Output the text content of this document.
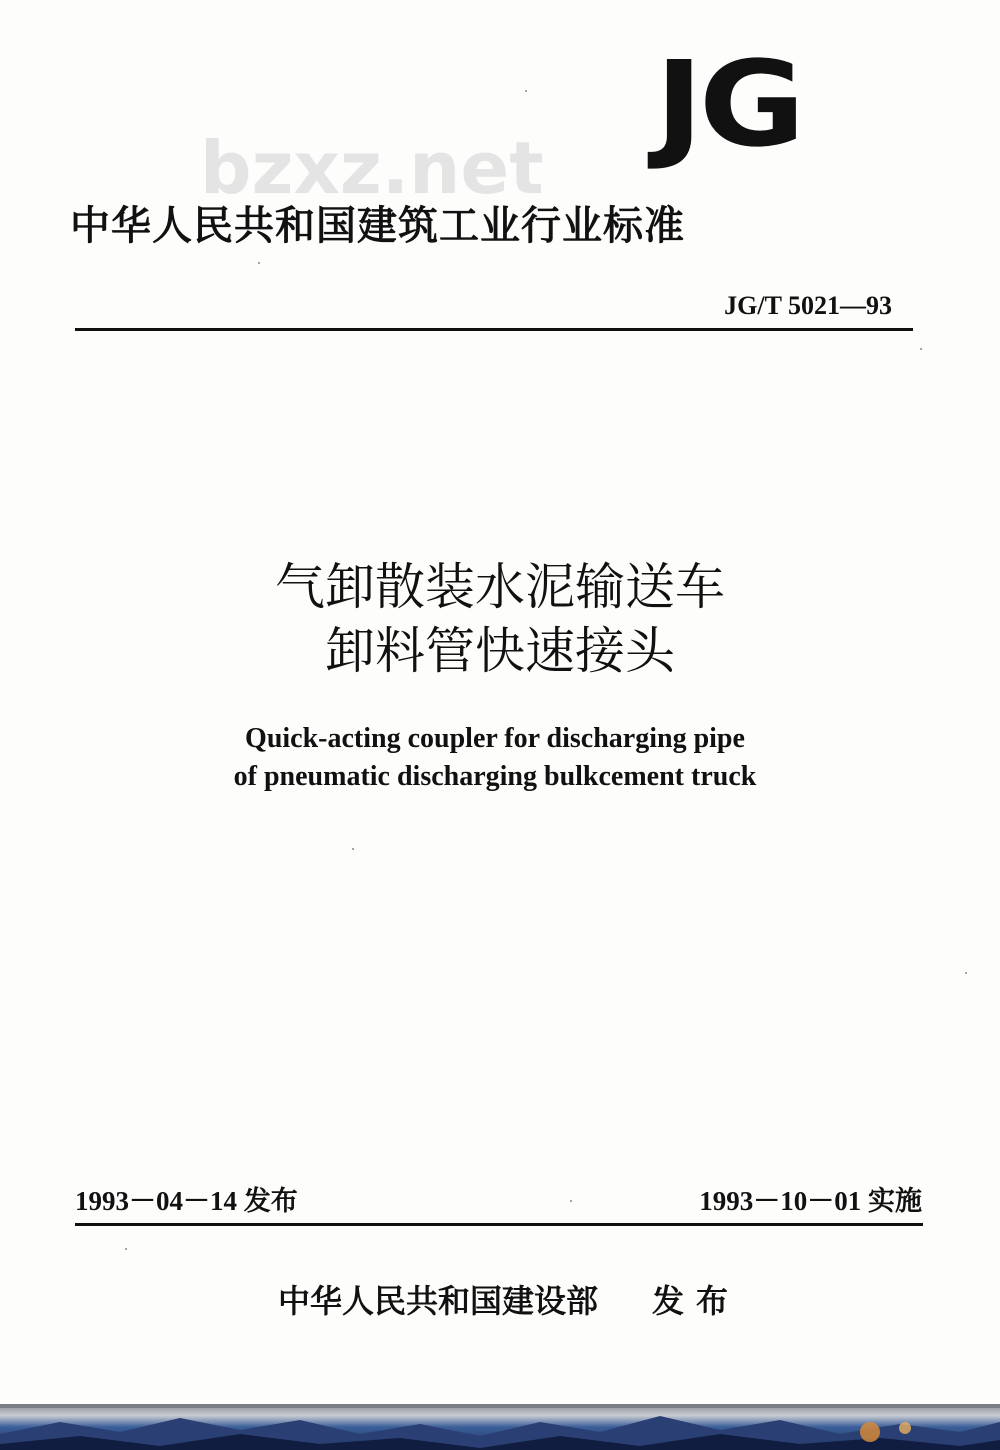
JG
bzxz.net
中华人民共和国建筑工业行业标准
JG/T 5021—93
气卸散装水泥输送车
卸料管快速接头
Quick-acting coupler for discharging pipe
of pneumatic discharging bulkcement truck
1993－04－14 发布	1993－10－01 实施
中华人民共和国建设部 发布
